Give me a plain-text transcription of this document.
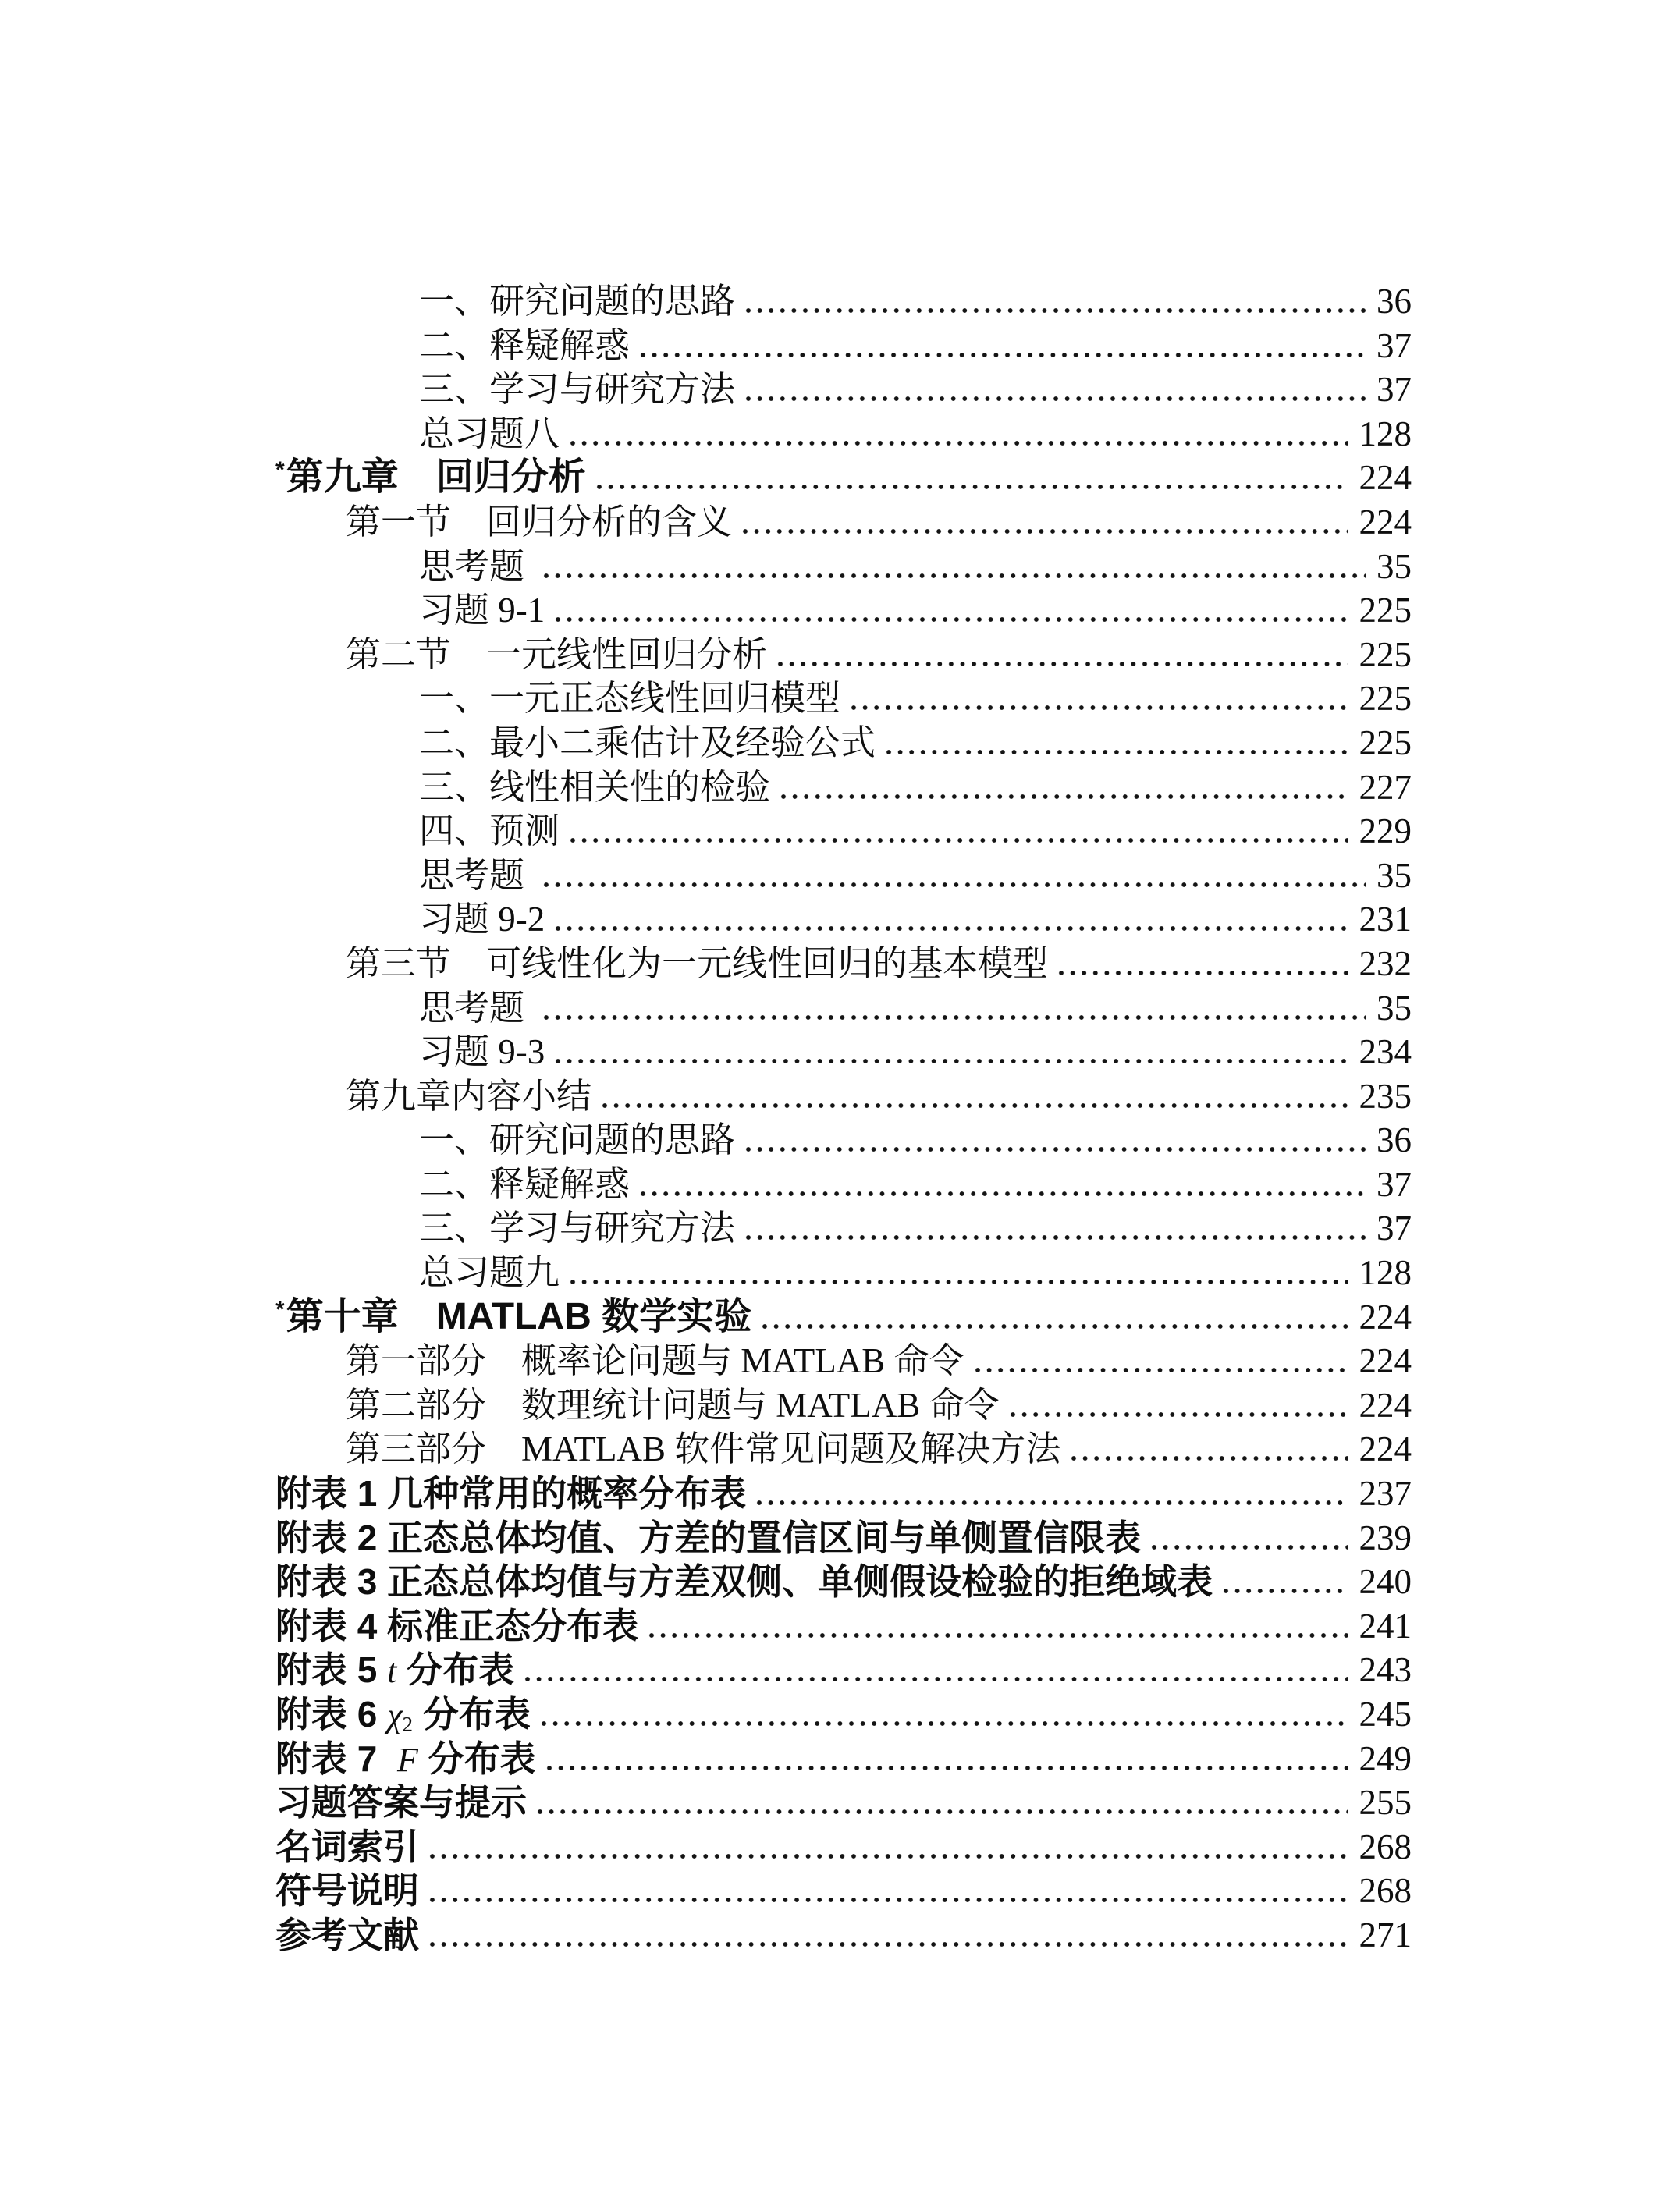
一、研究问题的思路	36
二、释疑解惑	37
三、学习与研究方法	37
总习题八	128
* 第九章　回归分析	224
第一节　回归分析的含义	224
思考题	35
习题 9-1	225
第二节　一元线性回归分析	225
一、一元正态线性回归模型	225
二、最小二乘估计及经验公式	225
三、线性相关性的检验	227
四、预测	229
思考题	35
习题 9-2	231
第三节　可线性化为一元线性回归的基本模型	232
思考题	35
习题 9-3	234
第九章内容小结	235
一、研究问题的思路	36
二、释疑解惑	37
三、学习与研究方法	37
总习题九	128
* 第十章　MATLAB 数学实验	224
第一部分　概率论问题与 MATLAB 命令	224
第二部分　数理统计问题与 MATLAB 命令	224
第三部分　MATLAB 软件常见问题及解决方法	224
附表 1 几种常用的概率分布表	237
附表 2 正态总体均值、方差的置信区间与单侧置信限表	239
附表 3 正态总体均值与方差双侧、单侧假设检验的拒绝域表	240
附表 4 标准正态分布表	241
附表 5 t 分布表	243
附表 6 χ2 分布表	245
附表 7  F 分布表	249
习题答案与提示	255
名词索引	268
符号说明	268
参考文献	271
